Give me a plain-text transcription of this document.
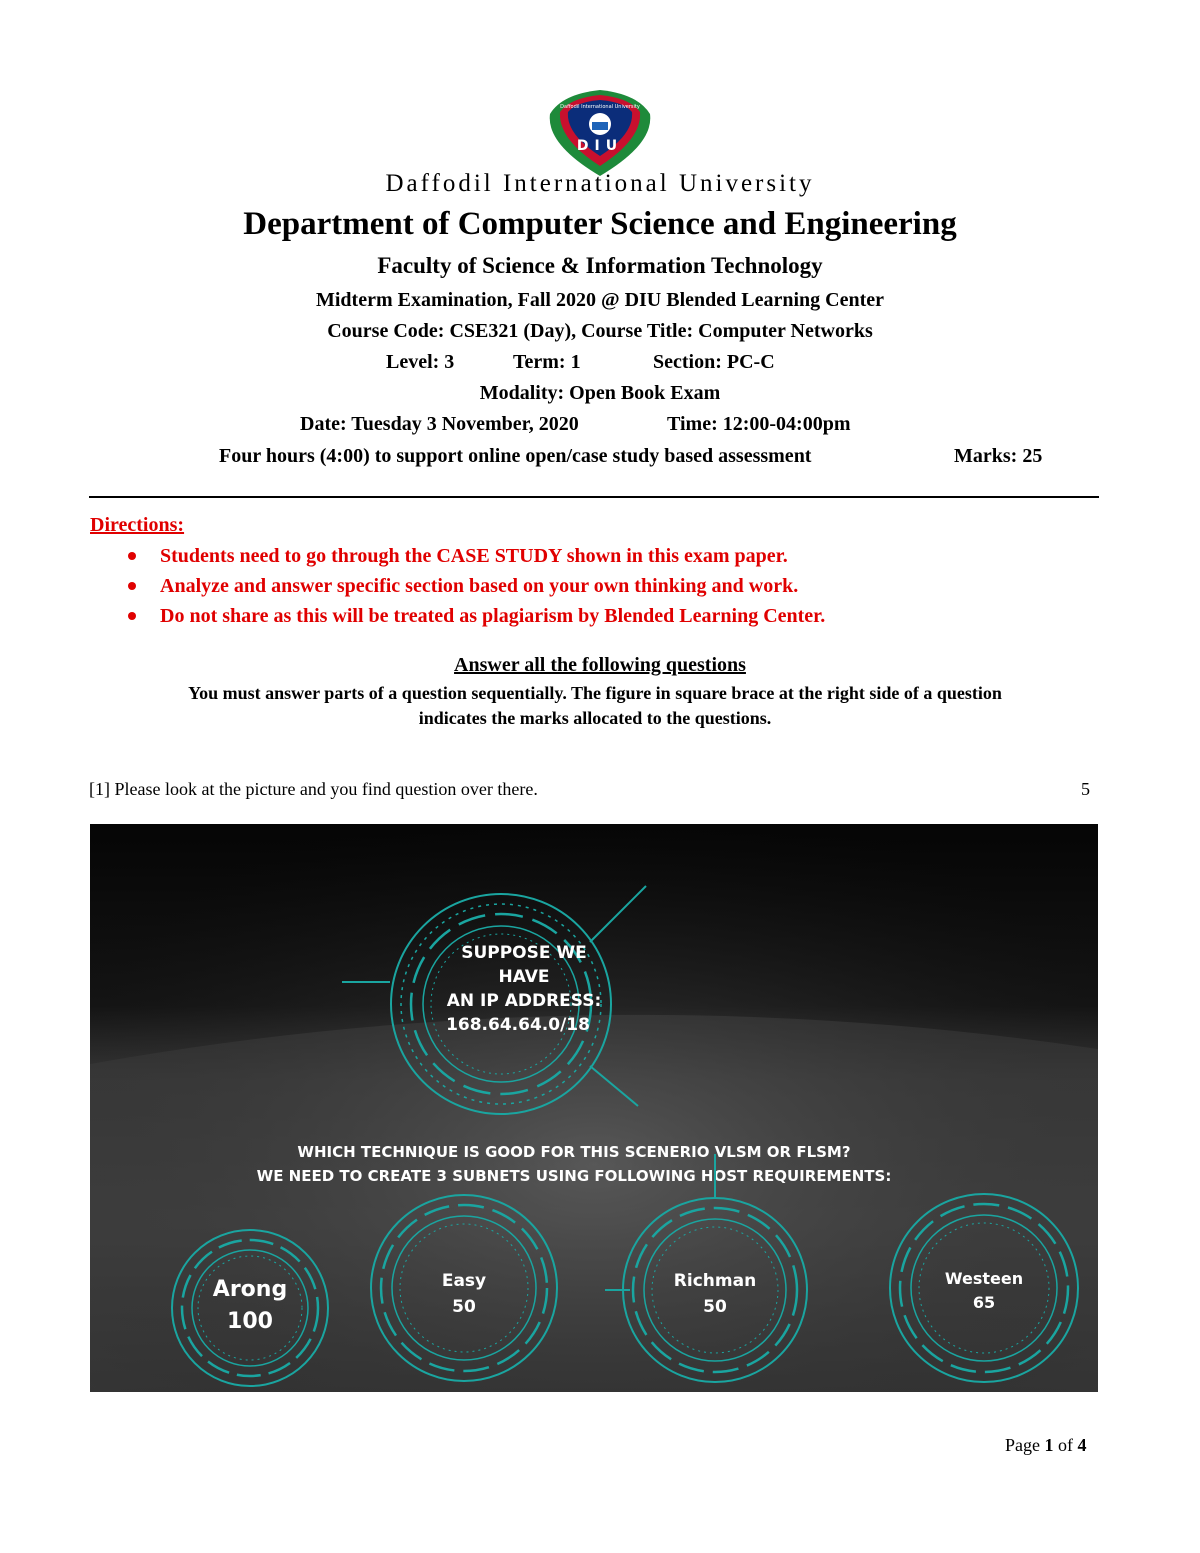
Daffodil International University
DIU
Daffodil International University
Department of Computer Science and Engineering
Faculty of Science & Information Technology
Midterm Examination, Fall 2020 @ DIU Blended Learning Center
Course Code: CSE321 (Day), Course Title: Computer Networks
Level: 3	Term: 1	Section: PC-C
Modality: Open Book Exam
Date: Tuesday 3 November, 2020	Time: 12:00-04:00pm
Four hours (4:00) to support online open/case study based assessment	Marks: 25
Directions:
Students need to go through the CASE STUDY shown in this exam paper.
Analyze and answer specific section based on your own thinking and work.
Do not share as this will be treated as plagiarism by Blended Learning Center.
Answer all the following questions
You must answer parts of a question sequentially. The figure in square brace at the right side of a question
indicates the marks allocated to the questions.
[1] Please look at the picture and you find question over there.	5
SUPPOSE WE
HAVE
AN IP ADDRESS:
168.64.64.0/18
WHICH TECHNIQUE IS GOOD FOR THIS SCENERIO VLSM OR FLSM?
WE NEED TO CREATE 3 SUBNETS USING FOLLOWING HOST REQUIREMENTS:
Arong
100
Easy
50
Richman
50
Westeen
65
Page 1 of 4
